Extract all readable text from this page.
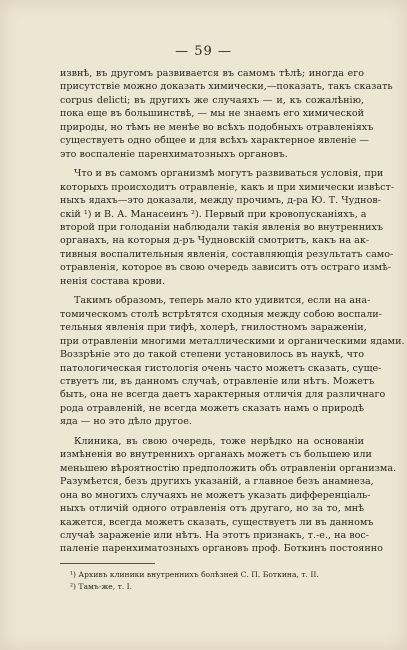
— 59 —
извнѣ, въ другомъ развивается въ самомъ тѣлѣ; иногда его
присутствіе можно доказать химически,—показать, такъ сказать
corpus delicti; въ другихъ же случаяхъ — и, къ сожалѣнію,
пока еще въ большинствѣ, — мы не знаемъ его химической
природы, но тѣмъ не менѣе во всѣхъ подобныхъ отравленіяхъ
существуетъ одно общее и для всѣхъ характерное явленіе —
это воспаленіе паренхиматозныхъ органовъ.
Что и въ самомъ организмѣ могутъ развиваться условія, при
которыхъ происходитъ отравленіе, какъ и при химически извѣст-
ныхъ ядахъ—это доказали, между прочимъ, д-ра Ю. Т. Чуднов-
скій ¹) и В. А. Манасеинъ ²). Первый при кровопусканіяхъ, а
второй при голоданіи наблюдали такія явленія во внутреннихъ
органахъ, на которыя д-ръ Чудновскій смотритъ, какъ на ак-
тивныя воспалительныя явленія, составляющія результатъ само-
отравленія, которое въ свою очередь зависитъ отъ остраго измѣ-
ненія состава крови.
Такимъ образомъ, теперь мало кто удивится, если на ана-
томическомъ столѣ встрѣтятся сходныя между собою воспали-
тельныя явленія при тифѣ, холерѣ, гнилостномъ зараженіи,
при отравленіи многими металлическими и органическими ядами.
Воззрѣніе это до такой степени установилось въ наукѣ, что
патологическая гистологія очень часто можетъ сказать, суще-
ствуетъ ли, въ данномъ случаѣ, отравленіе или нѣтъ. Можетъ
быть, она не всегда даетъ характерныя отличія для различнаго
рода отравленій, не всегда можетъ сказать намъ о природѣ
яда — но это дѣло другое.
Клиника, въ свою очередь, тоже нерѣдко на основаніи
измѣненія во внутреннихъ органахъ можетъ съ большею или
меньшею вѣроятностію предположить объ отравленіи организма.
Разумѣется, безъ другихъ указаній, а главное безъ анамнеза,
она во многихъ случаяхъ не можетъ указать дифференціаль-
ныхъ отличій одного отравленія отъ другаго, но за то, мнѣ
кажется, всегда можетъ сказать, существуетъ ли въ данномъ
случаѣ зараженіе или нѣтъ. На этотъ признакъ, т.-е., на вос-
паленіе паренхиматозныхъ органовъ проф. Боткинъ постоянно
¹) Архивъ клиники внутреннихъ болѣзней С. П. Боткина, т. II.
²) Тамъ-же, т. I.
